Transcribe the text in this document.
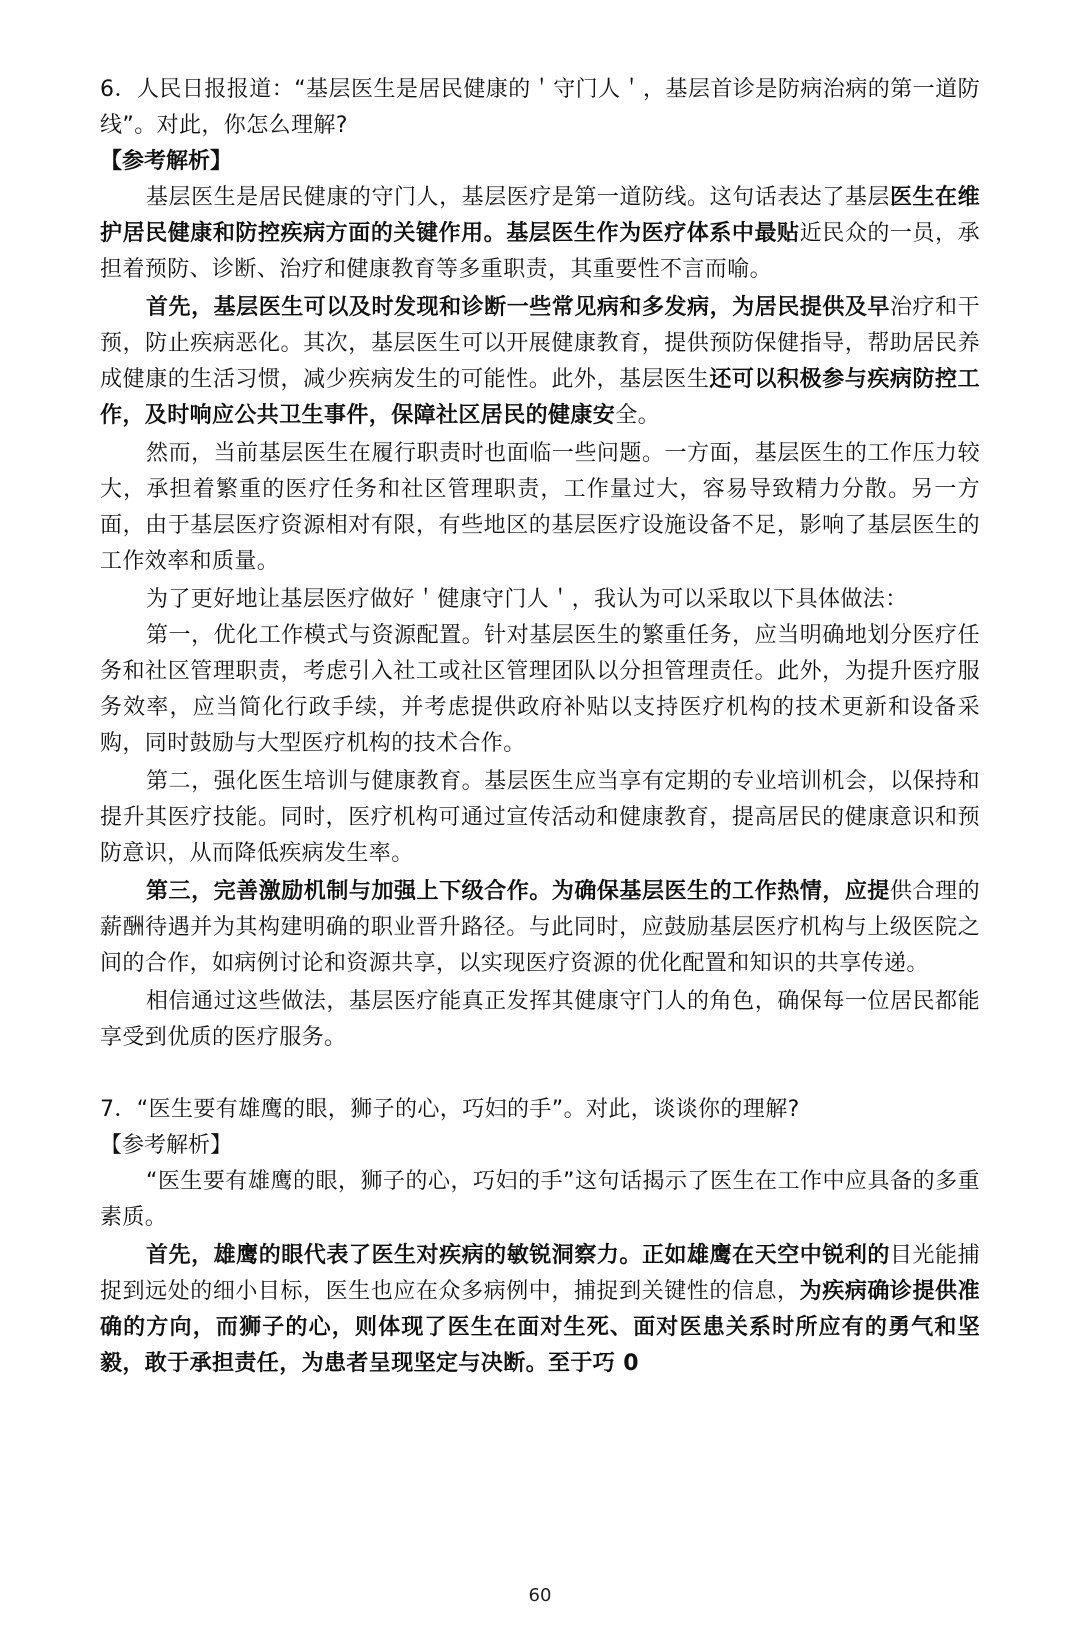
6．人民日报报道：“基层医生是居民健康的＇守门人＇，基层首诊是防病治病的第一道防线”。对此，你怎么理解?

【参考解析】

基层医生是居民健康的守门人，基层医疗是第一道防线。这句话表达了基层医生在维护居民健康和防控疾病方面的关键作用。基层医生作为医疗体系中最贴近民众的一员，承担着预防、诊断、治疗和健康教育等多重职责，其重要性不言而喻。

首先，基层医生可以及时发现和诊断一些常见病和多发病，为居民提供及早治疗和干预，防止疾病恶化。其次，基层医生可以开展健康教育，提供预防保健指导，帮助居民养成健康的生活习惯，减少疾病发生的可能性。此外，基层医生还可以积极参与疾病防控工作，及时响应公共卫生事件，保障社区居民的健康安全。

然而，当前基层医生在履行职责时也面临一些问题。一方面，基层医生的工作压力较大，承担着繁重的医疗任务和社区管理职责，工作量过大，容易导致精力分散。另一方面，由于基层医疗资源相对有限，有些地区的基层医疗设施设备不足，影响了基层医生的工作效率和质量。

为了更好地让基层医疗做好＇健康守门人＇，我认为可以采取以下具体做法：

第一，优化工作模式与资源配置。针对基层医生的繁重任务，应当明确地划分医疗任务和社区管理职责，考虑引入社工或社区管理团队以分担管理责任。此外，为提升医疗服务效率，应当简化行政手续，并考虑提供政府补贴以支持医疗机构的技术更新和设备采购，同时鼓励与大型医疗机构的技术合作。

第二，强化医生培训与健康教育。基层医生应当享有定期的专业培训机会，以保持和提升其医疗技能。同时，医疗机构可通过宣传活动和健康教育，提高居民的健康意识和预防意识，从而降低疾病发生率。

第三，完善激励机制与加强上下级合作。为确保基层医生的工作热情，应提供合理的薪酬待遇并为其构建明确的职业晋升路径。与此同时，应鼓励基层医疗机构与上级医院之间的合作，如病例讨论和资源共享，以实现医疗资源的优化配置和知识的共享传递。

相信通过这些做法，基层医疗能真正发挥其健康守门人的角色，确保每一位居民都能享受到优质的医疗服务。

7．“医生要有雄鹰的眼，狮子的心，巧妇的手”。对此，谈谈你的理解?

【参考解析】

“医生要有雄鹰的眼，狮子的心，巧妇的手”这句话揭示了医生在工作中应具备的多重素质。

首先，雄鹰的眼代表了医生对疾病的敏锐洞察力。正如雄鹰在天空中锐利的目光能捕捉到远处的细小目标，医生也应在众多病例中，捕捉到关键性的信息，为疾病确诊提供准确的方向，而狮子的心，则体现了医生在面对生死、面对医患关系时所应有的勇气和坚毅，敢于承担责任，为患者呈现坚定与决断。至于巧 0

60
